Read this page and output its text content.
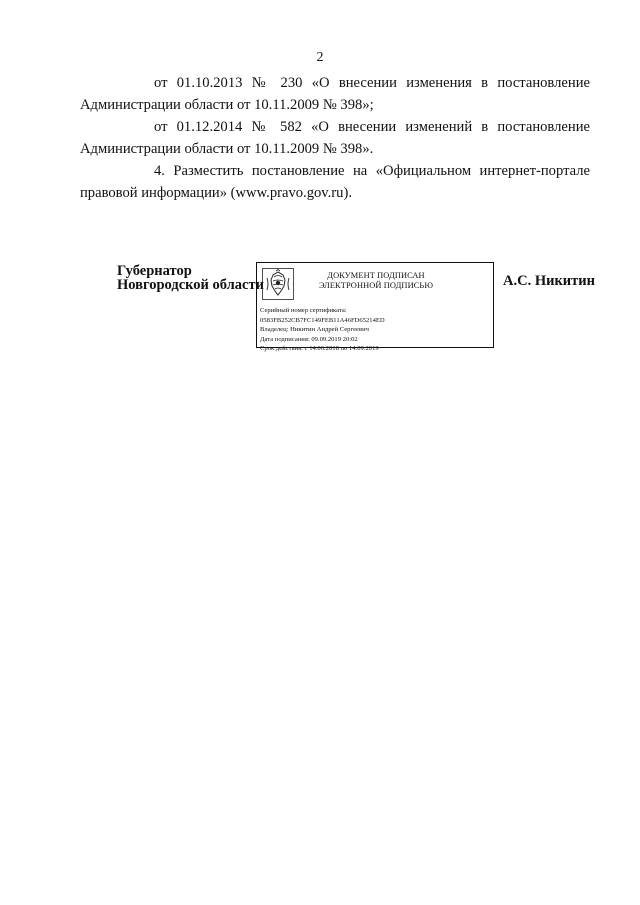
2

от 01.10.2013 № 230 «О внесении изменения в постановление
Администрации области от 10.11.2009 № 398»;

от 01.12.2014 № 582 «О внесении изменений в постановление
Администрации области от 10.11.2009 № 398».

4. Разместить постановление на «Официальном интернет-портале
правовой информации» (www.pravo.gov.ru).

Губернатор
Новгородской области
ДОКУМЕНТ ПОДПИСАН
ЭЛЕКТРОННОЙ ПОДПИСЬЮ
Серийный номер сертификата:
0583FB252CB7FC149FEB11A46FD65214ED
Владелец: Никитин Андрей Сергеевич
Дата подписания: 09.09.2019 20:02
Срок действия: с 14.06.2018 по 14.09.2019
А.С. Никитин
